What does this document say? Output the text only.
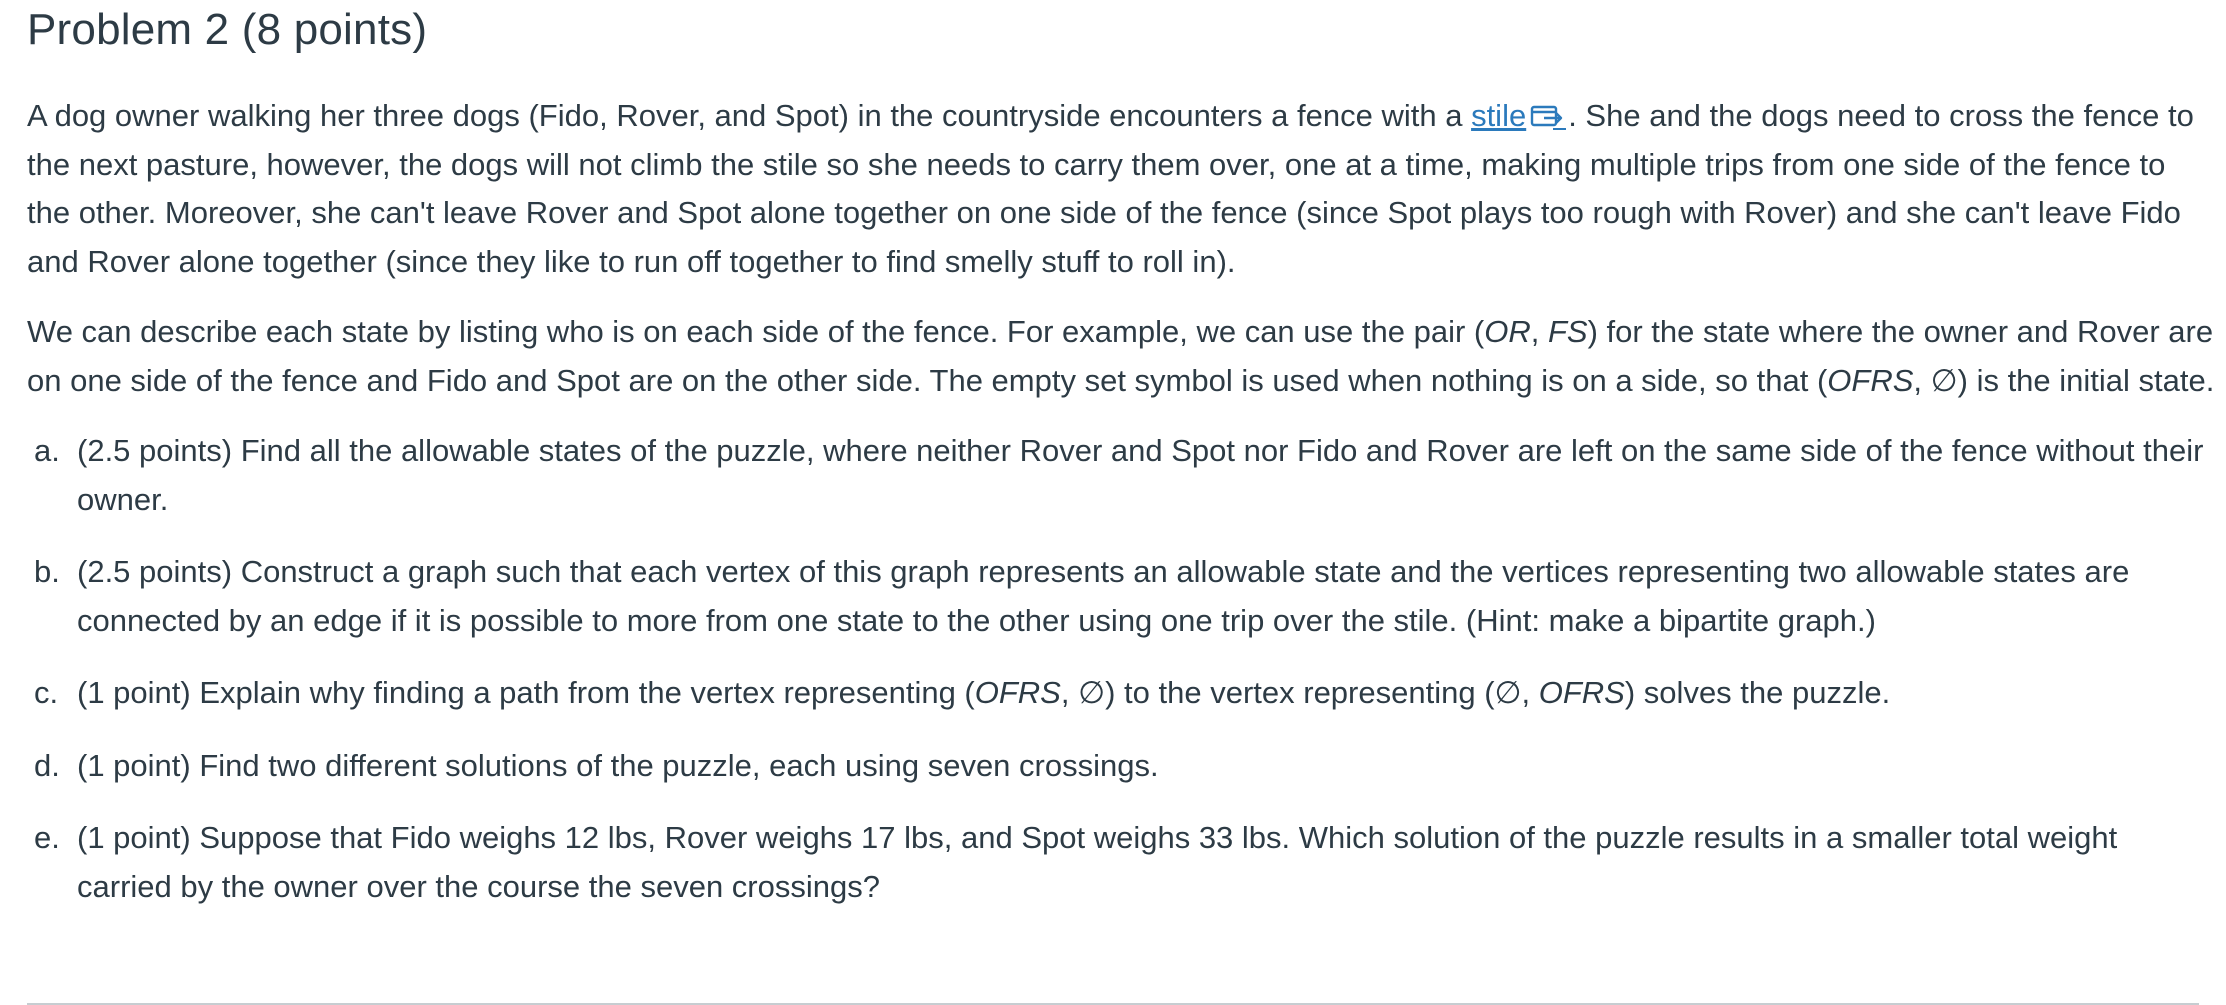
Problem 2 (8 points)

A dog owner walking her three dogs (Fido, Rover, and Spot) in the countryside encounters a fence with a stile . She and the dogs need to cross the fence to the next pasture, however, the dogs will not climb the stile so she needs to carry them over, one at a time, making multiple trips from one side of the fence to the other. Moreover, she can't leave Rover and Spot alone together on one side of the fence (since Spot plays too rough with Rover) and she can't leave Fido and Rover alone together (since they like to run off together to find smelly stuff to roll in).

We can describe each state by listing who is on each side of the fence. For example, we can use the pair (OR, FS) for the state where the owner and Rover are on one side of the fence and Fido and Spot are on the other side. The empty set symbol is used when nothing is on a side, so that (OFRS, ∅) is the initial state.

a. (2.5 points) Find all the allowable states of the puzzle, where neither Rover and Spot nor Fido and Rover are left on the same side of the fence without their owner.
b. (2.5 points) Construct a graph such that each vertex of this graph represents an allowable state and the vertices representing two allowable states are connected by an edge if it is possible to more from one state to the other using one trip over the stile. (Hint: make a bipartite graph.)
c. (1 point) Explain why finding a path from the vertex representing (OFRS, ∅) to the vertex representing (∅, OFRS) solves the puzzle.
d. (1 point) Find two different solutions of the puzzle, each using seven crossings.
e. (1 point) Suppose that Fido weighs 12 lbs, Rover weighs 17 lbs, and Spot weighs 33 lbs. Which solution of the puzzle results in a smaller total weight carried by the owner over the course the seven crossings?
